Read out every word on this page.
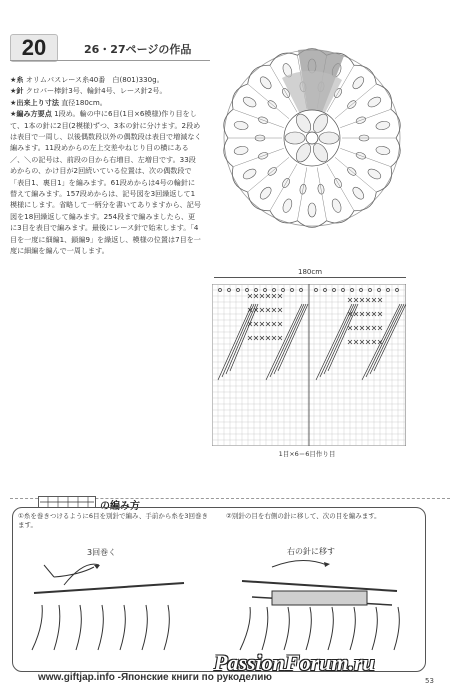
20	26・27ページの作品

★糸 オリムパスレース糸40番　白(801)330g。

★針 クロバー棒針3号、輪針4号、レース針2号。

★出来上り寸法 直径180cm。

★編み方要点 1段め。輪の中に6目(1目×6模様)作り目をして、1本の針に2目(2模様)ずつ、3本の針に分けます。2段めは表目で一周し、以後偶数段以外の偶数段は表目で増減なく編みます。11段めからの左上交差やねじり目の横にある／、＼の記号は、前段の目から右増目、左増目です。33段めからの、かけ目が2回続いている位置は、次の偶数段で「表目1、裏目1」を編みます。61段めからは4号の輪針に替えて編みます。157段めからは、記号図を3回繰返して1模様にします。省略して一柄分を書いてありますから、記号図を18回繰返して編みます。254段まで編みましたら、更に3目を表目で編みます。最後にレース針で始末します。「4目を一度に細編1、鎖編9」を繰返し、模様の位置は7目を一度に細編を編んで一周します。

180cm
1目×6＝6目作り目
の編み方
①糸を巻きつけるように6目を別針で編み、手前から糸を3回巻きます。
②別針の目を右側の針に移して、次の目を編みます。
3回巻く	右の針に移す
www.giftjap.info -Японские книги по рукоделию
PassionForum.ru
53
